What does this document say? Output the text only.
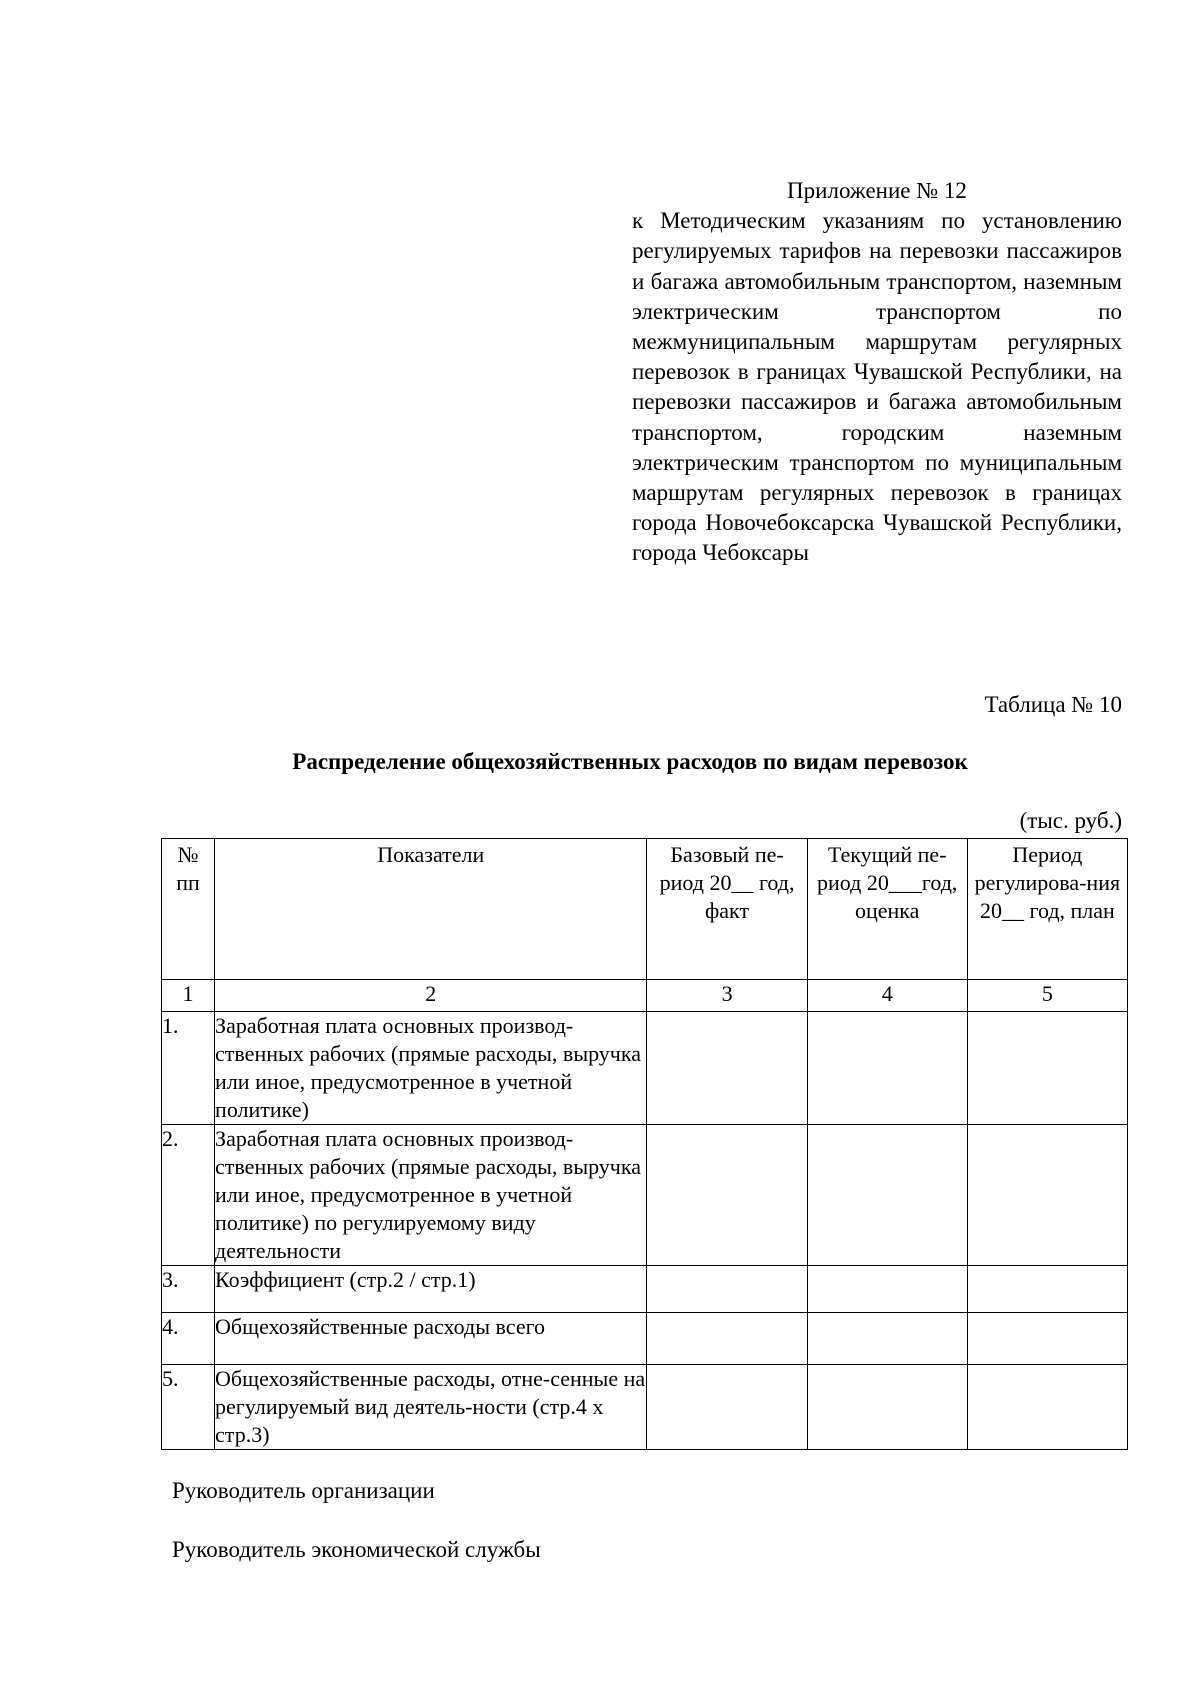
Приложение № 12
к Методическим указаниям по установлению регулируемых тарифов на перевозки пассажиров и багажа автомобильным транспортом, наземным электрическим транспортом по межмуниципальным маршрутам регулярных перевозок в границах Чувашской Республики, на перевозки пассажиров и багажа автомобильным транспортом, городским наземным электрическим транспортом по муниципальным маршрутам регулярных перевозок в границах города Новочебоксарска Чувашской Республики, города Чебоксары
Таблица № 10
Распределение общехозяйственных расходов по видам перевозок
(тыс. руб.)
№ пп	Показатели	Базовый пе-риод 20__ год, факт	Текущий пе-риод 20___год, оценка	Период регулирова-ния 20__ год, план

1	2	3	4	5
1.	Заработная плата основных производ-ственных рабочих (прямые расходы, выручка или иное, предусмотренное в учетной политике)			
2.	Заработная плата основных производ-ственных рабочих (прямые расходы, выручка или иное, предусмотренное в учетной политике) по регулируемому виду деятельности			
3.	Коэффициент (стр.2 / стр.1)			
4.	Общехозяйственные расходы всего			
5.	Общехозяйственные расходы, отне-сенные на регулируемый вид деятель-ности (стр.4 х стр.3)			
Руководитель организации
Руководитель экономической службы
